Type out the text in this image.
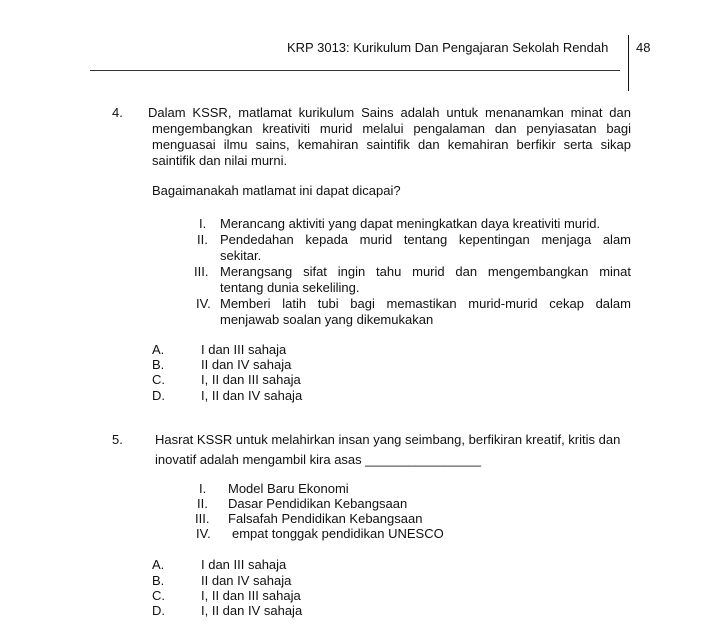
KRP 3013: Kurikulum Dan Pengajaran Sekolah Rendah 48
4. Dalam KSSR, matlamat kurikulum Sains adalah untuk menanamkan minat dan
mengembangkan kreativiti murid melalui pengalaman dan penyiasatan bagi
menguasai ilmu sains, kemahiran saintifik dan kemahiran berfikir serta sikap
saintifik dan nilai murni.
Bagaimanakah matlamat ini dapat dicapai?
I. Merancang aktiviti yang dapat meningkatkan daya kreativiti murid.
II. Pendedahan kepada murid tentang kepentingan menjaga alam
sekitar.
III. Merangsang sifat ingin tahu murid dan mengembangkan minat
tentang dunia sekeliling.
IV. Memberi latih tubi bagi memastikan murid-murid cekap dalam
menjawab soalan yang dikemukakan
A.	I dan III sahaja
B.	II dan IV sahaja
C.	I, II dan III sahaja
D.	I, II dan IV sahaja
5. Hasrat KSSR untuk melahirkan insan yang seimbang, berfikiran kreatif, kritis dan
inovatif adalah mengambil kira asas ________________
I. Model Baru Ekonomi
II. Dasar Pendidikan Kebangsaan
III. Falsafah Pendidikan Kebangsaan
IV. empat tonggak pendidikan UNESCO
A.	I dan III sahaja
B.	II dan IV sahaja
C.	I, II dan III sahaja
D.	I, II dan IV sahaja
